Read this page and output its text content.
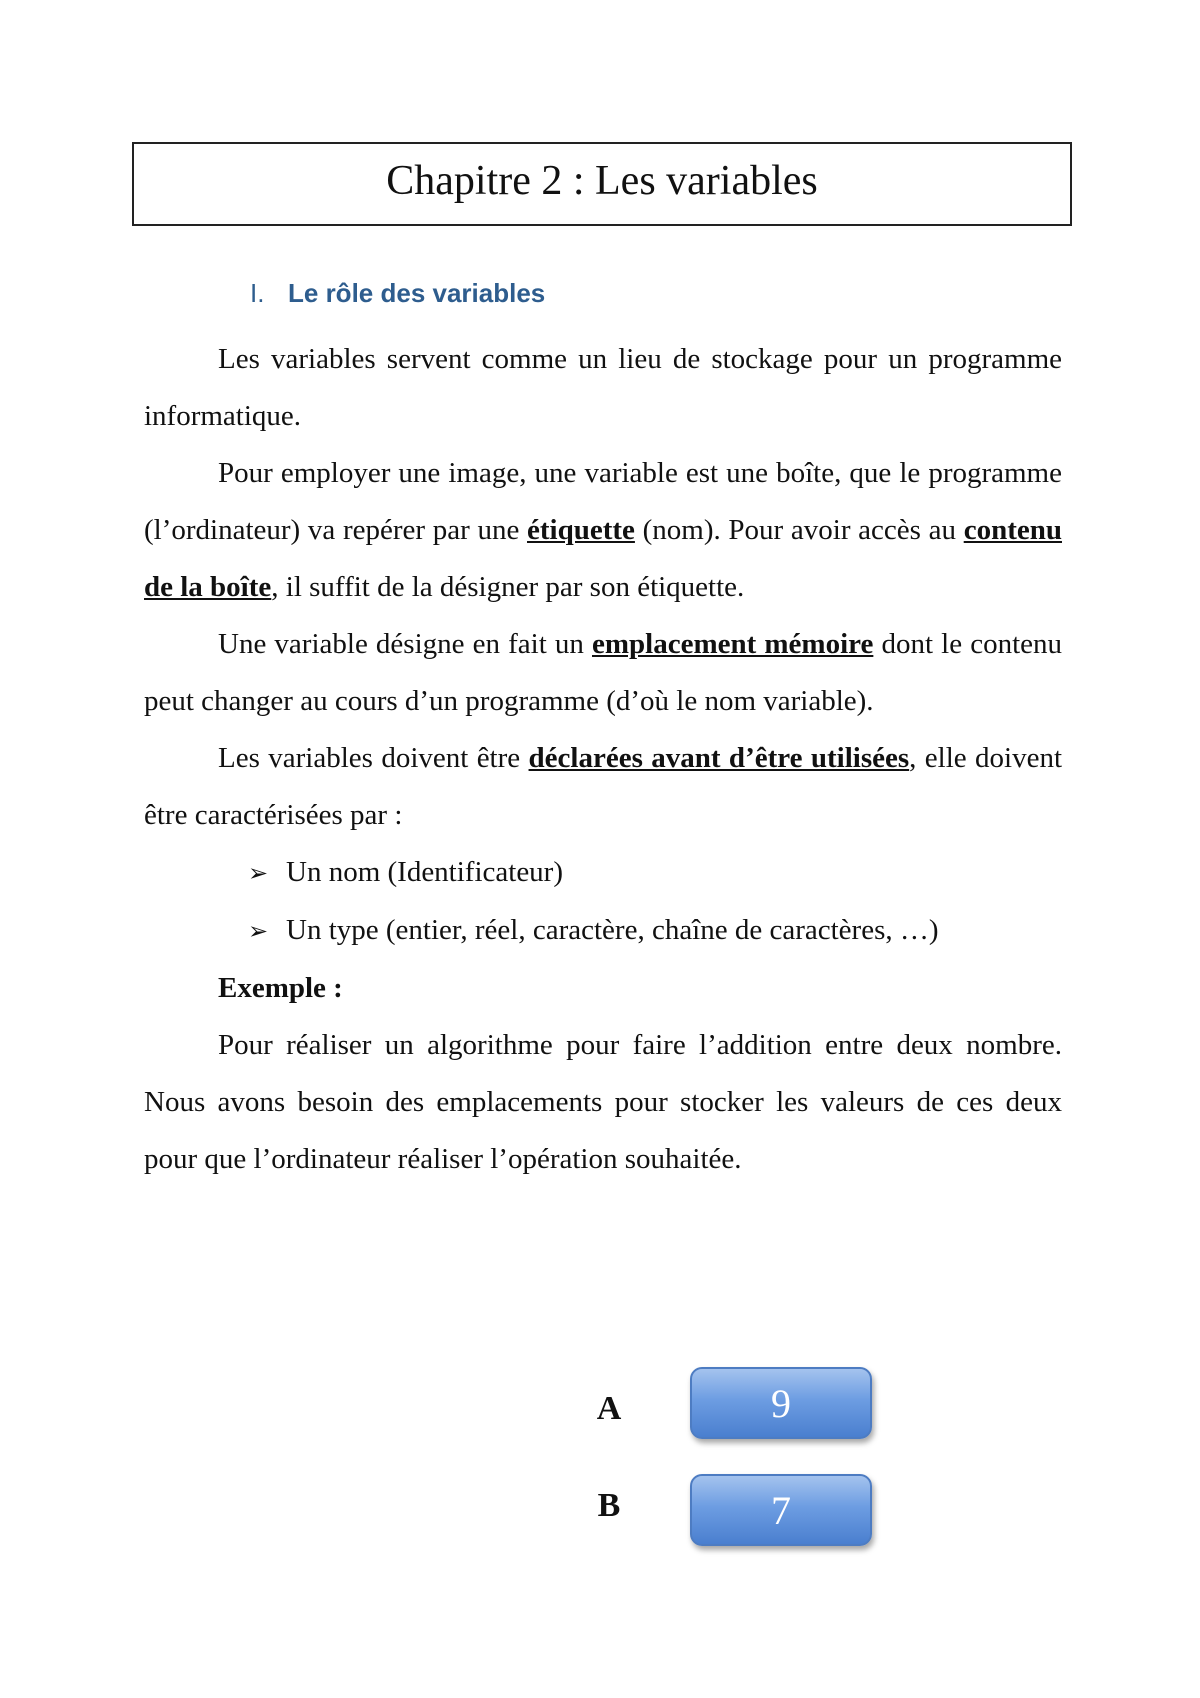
Chapitre 2 : Les variables
I. Le rôle des variables

Les variables servent comme un lieu de stockage pour un programme informatique.

Pour employer une image, une variable est une boîte, que le programme (l’ordinateur) va repérer par une étiquette (nom). Pour avoir accès au contenu de la boîte, il suffit de la désigner par son étiquette.

Une variable désigne en fait un emplacement mémoire dont le contenu peut changer au cours d’un programme (d’où le nom variable).

Les variables doivent être déclarées avant d’être utilisées, elle doivent être caractérisées par :

➢ Un nom (Identificateur)
➢ Un type (entier, réel, caractère, chaîne de caractères, …)

Exemple :

Pour réaliser un algorithme pour faire l’addition entre deux nombre. Nous avons besoin des emplacements pour stocker les valeurs de ces deux pour que l’ordinateur réaliser l’opération souhaitée.

A	9
B	7
